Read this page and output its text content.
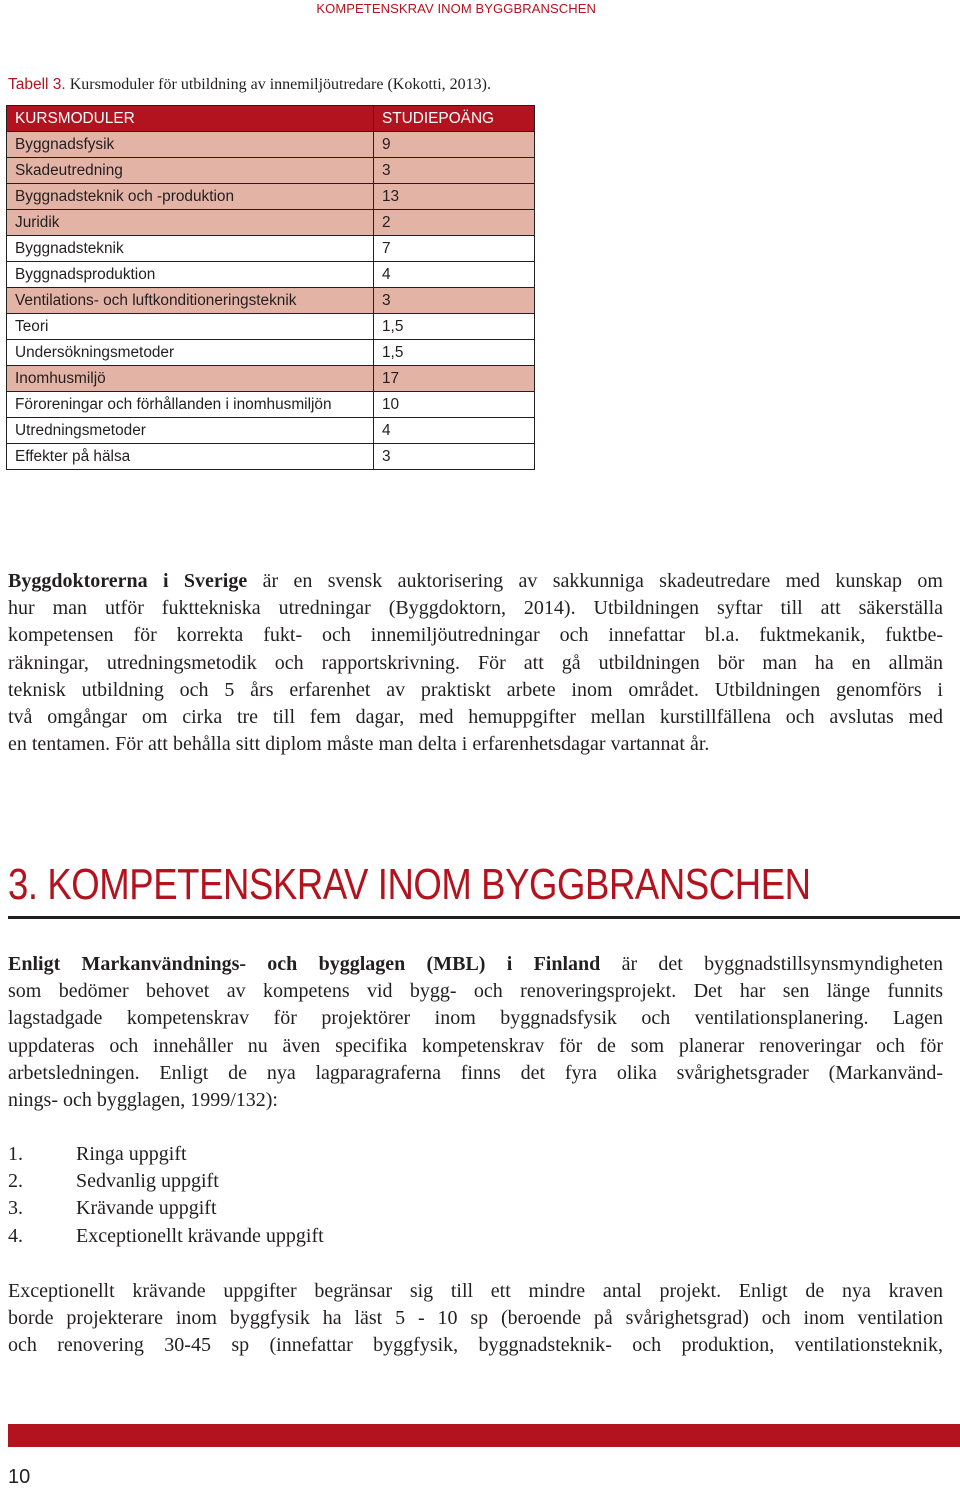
KOMPETENSKRAV INOM BYGGBRANSCHEN
Tabell 3. Kursmoduler för utbildning av innemiljöutredare (Kokotti, 2013).
KURSMODULER	STUDIEPOÄNG
Byggnadsfysik	9
Skadeutredning	3
Byggnadsteknik och -produktion	13
Juridik	2
Byggnadsteknik	7
Byggnadsproduktion	4
Ventilations- och luftkonditioneringsteknik	3
Teori	1,5
Undersökningsmetoder	1,5
Inomhusmiljö	17
Föroreningar och förhållanden i inomhusmiljön	10
Utredningsmetoder	4
Effekter på hälsa	3
Byggdoktorerna i Sverige är en svensk auktorisering av sakkunniga skadeutredare med kunskap om
hur man utför fukttekniska utredningar (Byggdoktorn, 2014). Utbildningen syftar till att säkerställa
kompetensen för korrekta fukt- och innemiljöutredningar och innefattar bl.a. fuktmekanik, fuktbe-
räkningar, utredningsmetodik och rapportskrivning. För att gå utbildningen bör man ha en allmän
teknisk utbildning och 5 års erfarenhet av praktiskt arbete inom området. Utbildningen genomförs i
två omgångar om cirka tre till fem dagar, med hemuppgifter mellan kurstillfällena och avslutas med
en tentamen. För att behålla sitt diplom måste man delta i erfarenhetsdagar vartannat år.
3. KOMPETENSKRAV INOM BYGGBRANSCHEN
Enligt Markanvändnings- och bygglagen (MBL) i Finland är det byggnadstillsynsmyndigheten
som bedömer behovet av kompetens vid bygg- och renoveringsprojekt. Det har sen länge funnits
lagstadgade kompetenskrav för projektörer inom byggnadsfysik och ventilationsplanering. Lagen
uppdateras och innehåller nu även specifika kompetenskrav för de som planerar renoveringar och för
arbetsledningen. Enligt de nya lagparagraferna finns det fyra olika svårighetsgrader (Markanvänd-
nings- och bygglagen, 1999/132):
1.	Ringa uppgift
2.	Sedvanlig uppgift
3.	Krävande uppgift
4.	Exceptionellt krävande uppgift
Exceptionellt krävande uppgifter begränsar sig till ett mindre antal projekt. Enligt de nya kraven
borde projekterare inom byggfysik ha läst 5 - 10 sp (beroende på svårighetsgrad) och inom ventilation
och renovering 30-45 sp (innefattar byggfysik, byggnadsteknik- och produktion, ventilationsteknik,
10
